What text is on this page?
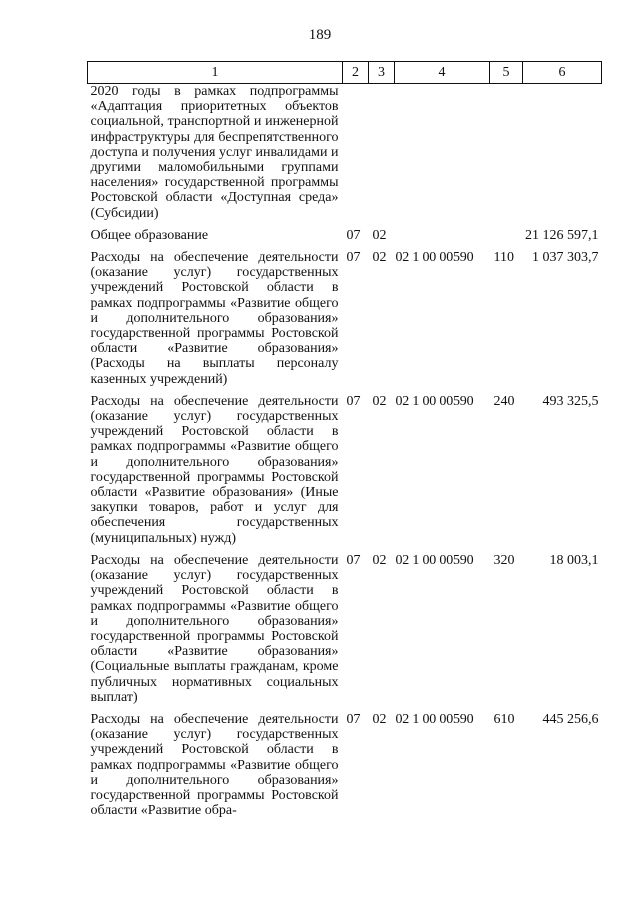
189
1	2	3	4	5	6
2020 годы в рамках подпрограммы «Адаптация приоритетных объектов социальной, транспортной и инженерной инфраструктуры для беспрепятственного доступа и получения услуг инвалидами и другими маломобильными группами населения» государственной программы Ростовской области «Доступная среда» (Субсидии)					
Общее образование	07	02			21 126 597,1
Расходы на обеспечение деятельности (оказание услуг) государственных учреждений Ростовской области в рамках подпрограммы «Развитие общего и дополнительного образования» государственной программы Ростовской области «Развитие образования» (Расходы на выплаты персоналу казенных учреждений)	07	02	02 1 00 00590	110	1 037 303,7
Расходы на обеспечение деятельности (оказание услуг) государственных учреждений Ростовской области в рамках подпрограммы «Развитие общего и дополнительного образования» государственной программы Ростовской области «Развитие образования» (Иные закупки товаров, работ и услуг для обеспечения государственных (муниципальных) нужд)	07	02	02 1 00 00590	240	493 325,5
Расходы на обеспечение деятельности (оказание услуг) государственных учреждений Ростовской области в рамках подпрограммы «Развитие общего и дополнительного образования» государственной программы Ростовской области «Развитие образования» (Социальные выплаты гражданам, кроме публичных нормативных социальных выплат)	07	02	02 1 00 00590	320	18 003,1
Расходы на обеспечение деятельности (оказание услуг) государственных учреждений Ростовской области в рамках подпрограммы «Развитие общего и дополнительного образования» государственной программы Ростовской области «Развитие обра-	07	02	02 1 00 00590	610	445 256,6
